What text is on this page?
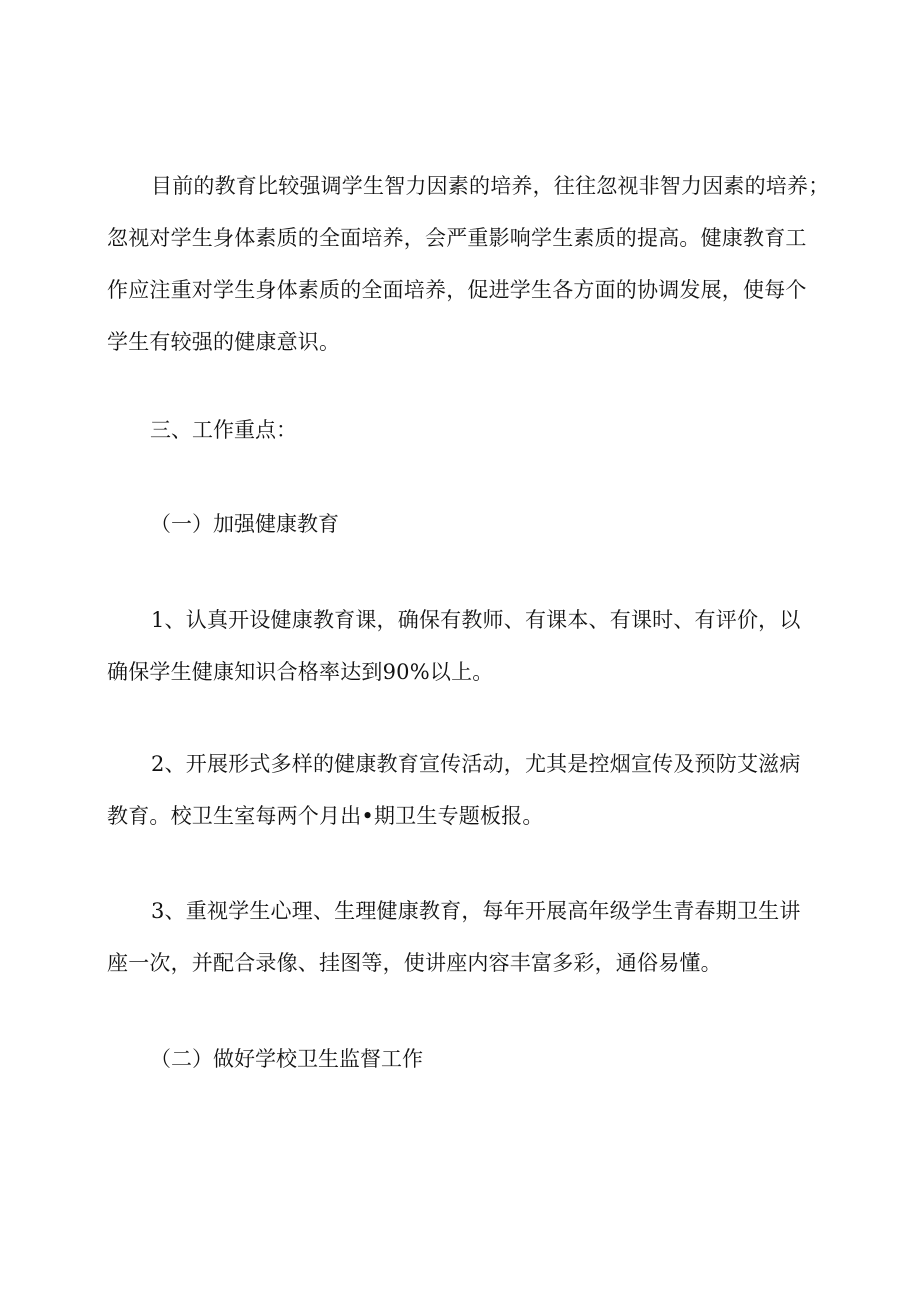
目前的教育比较强调学生智力因素的培养，往往忽视非智力因素的培养；
忽视对学生身体素质的全面培养，会严重影响学生素质的提高。健康教育工
作应注重对学生身体素质的全面培养，促进学生各方面的协调发展，使每个
学生有较强的健康意识。
三、工作重点：
（一）加强健康教育
1、认真开设健康教育课，确保有教师、有课本、有课时、有评价，以
确保学生健康知识合格率达到90%以上。
2、开展形式多样的健康教育宣传活动，尤其是控烟宣传及预防艾滋病
教育。校卫生室每两个月出•期卫生专题板报。
3、重视学生心理、生理健康教育，每年开展高年级学生青春期卫生讲
座一次，并配合录像、挂图等，使讲座内容丰富多彩，通俗易懂。
（二）做好学校卫生监督工作
